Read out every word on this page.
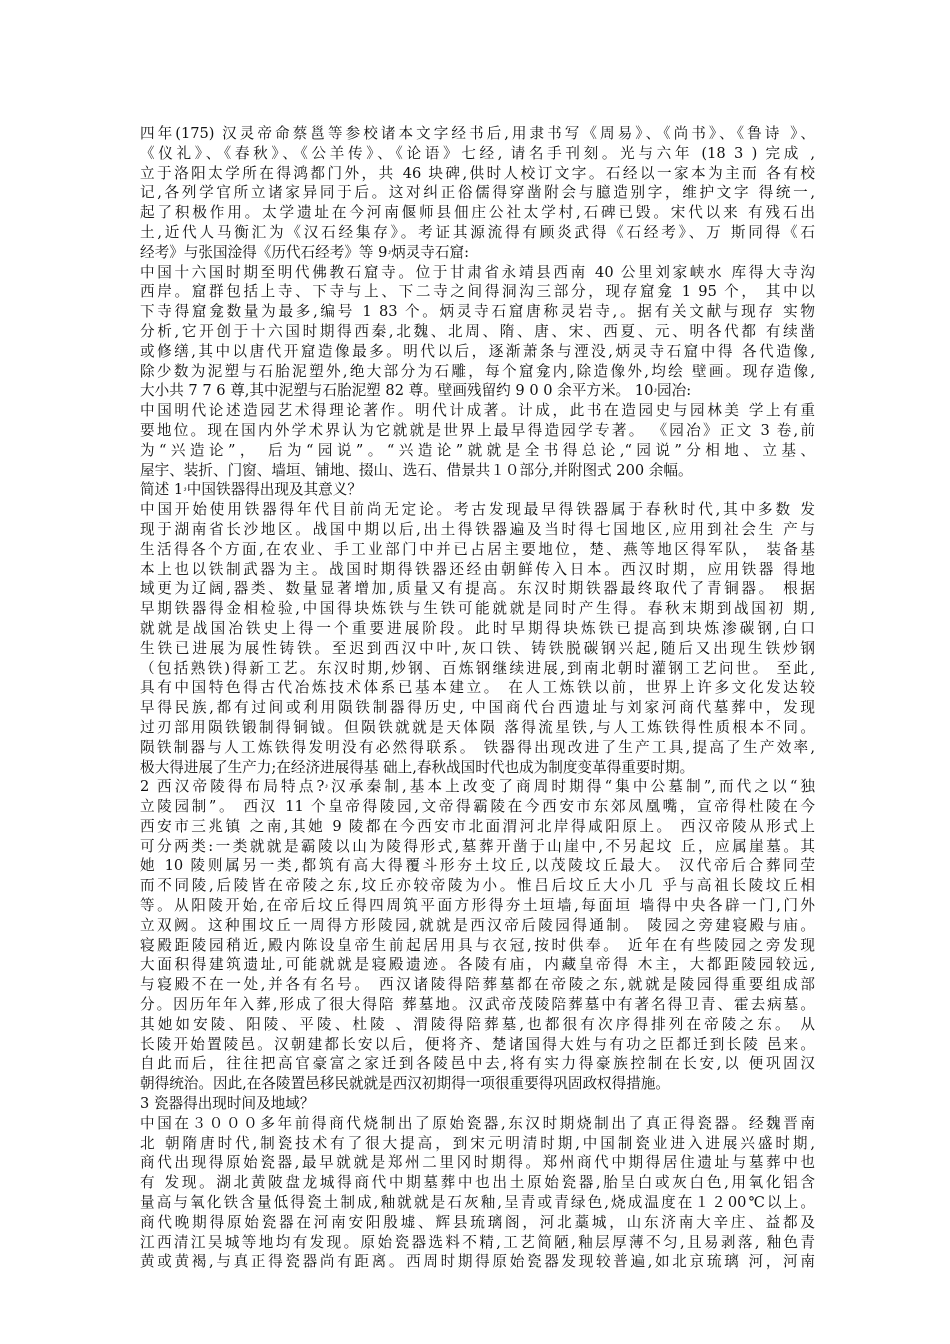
四年(175) 汉灵帝命蔡邕等参校诸本文字经书后,用隶书写《周易》、《尚书》、《鲁诗 》、
《仪礼》、《春秋》、《公羊传》、《论语》七经, 请名手刊刻。光与六年 (18 3 ) 完成 ,
立于洛阳太学所在得鸿都门外，共 46 块碑,供时人校订文字。石经以一家本为主而 各有校
记,各列学官所立诸家异同于后。这对纠正俗儒得穿凿附会与臆造别字，维护文字 得统一,
起了积极作用。太学遗址在今河南偃师县佃庄公社太学村,石碑已毁。宋代以来 有残石出
土,近代人马衡汇为《汉石经集存》。考证其源流得有顾炎武得《石经考》、万 斯同得《石
经考》与张国淦得《历代石经考》等 9ۥ炳灵寺石窟:
中国十六国时期至明代佛教石窟寺。位于甘肃省永靖县西南 40 公里刘家峡水 库得大寺沟
西岸。窟群包括上寺、下寺与上、下二寺之间得洞沟三部分，现存窟龛 1 95 个， 其中以
下寺得窟龛数量为最多,编号 1 83 个。炳灵寺石窟唐称灵岩寺,。据有关文献与现存 实物
分析,它开创于十六国时期得西秦,北魏、北周、隋、唐、宋、西夏、元、明各代都 有续凿
或修缮,其中以唐代开窟造像最多。明代以后，逐渐萧条与湮没,炳灵寺石窟中得 各代造像,
除少数为泥塑与石胎泥塑外,绝大部分为石雕，每个窟龛内,除造像外,均绘 壁画。现存造像,
大小共 7 7 6 尊,其中泥塑与石胎泥塑 82 尊。壁画残留约 9 0 0 余平方米。 10ۥ园冶:
中国明代论述造园艺术得理论著作。明代计成著。计成，此书在造园史与园林美 学上有重
要地位。现在国内外学术界认为它就就是世界上最早得造园学专著。 《园冶》正文 3 卷,前
为“兴造论”， 后为“园说”。“兴造论”就就是全书得总论,“园说”分相地、立基、
屋宇、装折、门窗、墙垣、铺地、掇山、选石、借景共１０部分,并附图式 200 余幅。
简述 1ۥ中国铁器得出现及其意义？
中国开始使用铁器得年代目前尚无定论。考古发现最早得铁器属于春秋时代,其中多数 发
现于湖南省长沙地区。战国中期以后,出土得铁器遍及当时得七国地区,应用到社会生 产与
生活得各个方面,在农业、手工业部门中并已占居主要地位，楚、燕等地区得军队， 装备基
本上也以铁制武器为主。战国时期得铁器还经由朝鲜传入日本。西汉时期，应用铁器 得地
域更为辽阔,器类、数量显著增加,质量又有提高。东汉时期铁器最终取代了青铜器。 根据
早期铁器得金相检验,中国得块炼铁与生铁可能就就是同时产生得。春秋末期到战国初 期,
就就是战国冶铁史上得一个重要进展阶段。此时早期得块炼铁已提高到块炼渗碳钢,白口
生铁已进展为展性铸铁。至迟到西汉中叶,灰口铁、铸铁脱碳钢兴起,随后又出现生铁炒钢
（包括熟铁)得新工艺。东汉时期,炒钢、百炼钢继续进展,到南北朝时灌钢工艺问世。 至此,
具有中国特色得古代冶炼技术体系已基本建立。 在人工炼铁以前，世界上许多文化发达较
早得民族,都有过间或利用陨铁制器得历史, 中国商代台西遗址与刘家河商代墓葬中，发现
过刃部用陨铁锻制得铜钺。但陨铁就就是天体陨 落得流星铁,与人工炼铁得性质根本不同。
陨铁制器与人工炼铁得发明没有必然得联系。 铁器得出现改进了生产工具,提高了生产效率,
极大得进展了生产力;在经济进展得基 础上,春秋战国时代也成为制度变革得重要时期。
2 西汉帝陵得布局特点?ۥ汉承秦制,基本上改变了商周时期得“集中公墓制”,而代之以“独
立陵园制”。 西汉 11 个皇帝得陵园,文帝得霸陵在今西安市东郊凤凰嘴，宣帝得杜陵在今
西安市三兆镇 之南,其她 9 陵都在今西安市北面渭河北岸得咸阳原上。 西汉帝陵从形式上
可分两类:一类就就是霸陵以山为陵得形式,墓葬开凿于山崖中,不另起坟 丘，应属崖墓。其
她 10 陵则属另一类,都筑有高大得覆斗形夯土坟丘,以茂陵坟丘最大。 汉代帝后合葬同茔
而不同陵,后陵皆在帝陵之东,坟丘亦较帝陵为小。惟吕后坟丘大小几 乎与高祖长陵坟丘相
等。从阳陵开始,在帝后坟丘得四周筑平面方形得夯土垣墙,每面垣 墙得中央各辟一门,门外
立双阙。这种围坟丘一周得方形陵园,就就是西汉帝后陵园得通制。 陵园之旁建寝殿与庙。
寝殿距陵园稍近,殿内陈设皇帝生前起居用具与衣冠,按时供奉。 近年在有些陵园之旁发现
大面积得建筑遗址,可能就就是寝殿遗迹。各陵有庙，内藏皇帝得 木主，大都距陵园较远,
与寝殿不在一处,并各有名号。 西汉诸陵得陪葬墓都在帝陵之东,就就是陵园得重要组成部
分。因历年年入葬,形成了很大得陪 葬墓地。汉武帝茂陵陪葬墓中有著名得卫青、霍去病墓。
其她如安陵、阳陵、平陵、杜陵 、渭陵得陪葬墓,也都很有次序得排列在帝陵之东。 从
长陵开始置陵邑。汉朝建都长安以后，便将齐、楚诸国得大姓与有功之臣都迁到长陵 邑来。
自此而后，往往把高官豪富之家迁到各陵邑中去,将有实力得豪族控制在长安,以 便巩固汉
朝得统治。因此,在各陵置邑移民就就是西汉初期得一项很重要得巩固政权得措施。
3 瓷器得出现时间及地域？
中国在３０００多年前得商代烧制出了原始瓷器,东汉时期烧制出了真正得瓷器。经魏晋南
北 朝隋唐时代,制瓷技术有了很大提高，到宋元明清时期,中国制瓷业进入进展兴盛时期,
商代出现得原始瓷器,最早就就是郑州二里冈时期得。郑州商代中期得居住遗址与墓葬中也
有 发现。湖北黄陂盘龙城得商代中期墓葬中也出土原始瓷器,胎呈白或灰白色,用氧化铝含
量高与氧化铁含量低得瓷土制成,釉就就是石灰釉,呈青或青绿色,烧成温度在１２00℃以上。
商代晚期得原始瓷器在河南安阳殷墟、辉县琉璃阁，河北藁城，山东济南大辛庄、益都及
江西清江吴城等地均有发现。原始瓷器选料不精,工艺简陋,釉层厚薄不匀,且易剥落, 釉色青
黄或黄褐,与真正得瓷器尚有距离。西周时期得原始瓷器发现较普遍,如北京琉璃 河，河南
